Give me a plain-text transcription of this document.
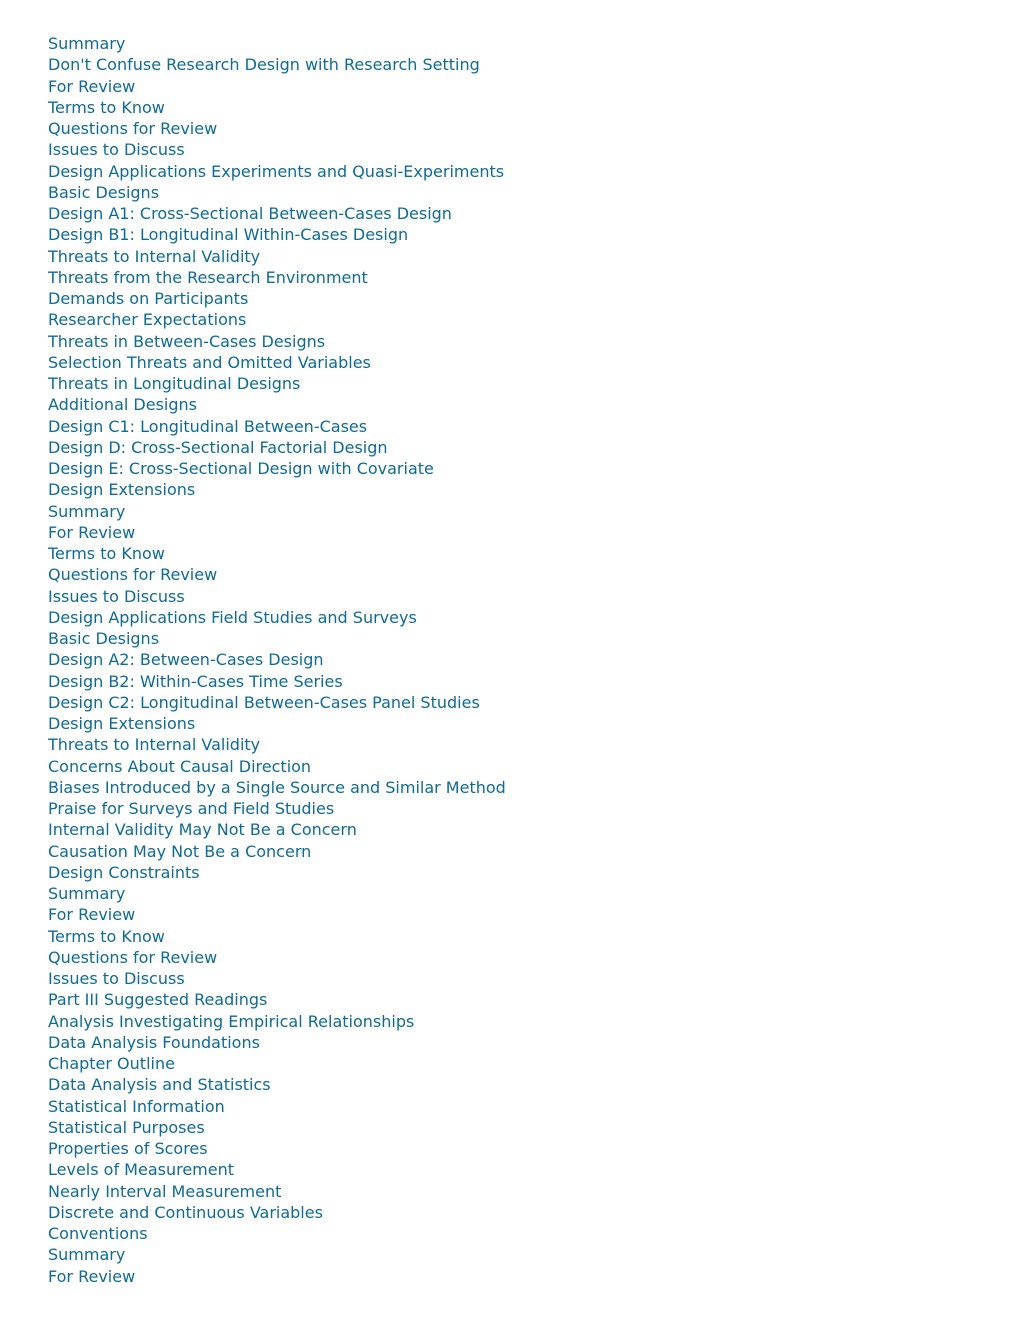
Summary
Don't Confuse Research Design with Research Setting
For Review
Terms to Know
Questions for Review
Issues to Discuss
Design Applications Experiments and Quasi-Experiments
Basic Designs
Design A1: Cross-Sectional Between-Cases Design
Design B1: Longitudinal Within-Cases Design
Threats to Internal Validity
Threats from the Research Environment
Demands on Participants
Researcher Expectations
Threats in Between-Cases Designs
Selection Threats and Omitted Variables
Threats in Longitudinal Designs
Additional Designs
Design C1: Longitudinal Between-Cases
Design D: Cross-Sectional Factorial Design
Design E: Cross-Sectional Design with Covariate
Design Extensions
Summary
For Review
Terms to Know
Questions for Review
Issues to Discuss
Design Applications Field Studies and Surveys
Basic Designs
Design A2: Between-Cases Design
Design B2: Within-Cases Time Series
Design C2: Longitudinal Between-Cases Panel Studies
Design Extensions
Threats to Internal Validity
Concerns About Causal Direction
Biases Introduced by a Single Source and Similar Method
Praise for Surveys and Field Studies
Internal Validity May Not Be a Concern
Causation May Not Be a Concern
Design Constraints
Summary
For Review
Terms to Know
Questions for Review
Issues to Discuss
Part III Suggested Readings
Analysis Investigating Empirical Relationships
Data Analysis Foundations
Chapter Outline
Data Analysis and Statistics
Statistical Information
Statistical Purposes
Properties of Scores
Levels of Measurement
Nearly Interval Measurement
Discrete and Continuous Variables
Conventions
Summary
For Review
